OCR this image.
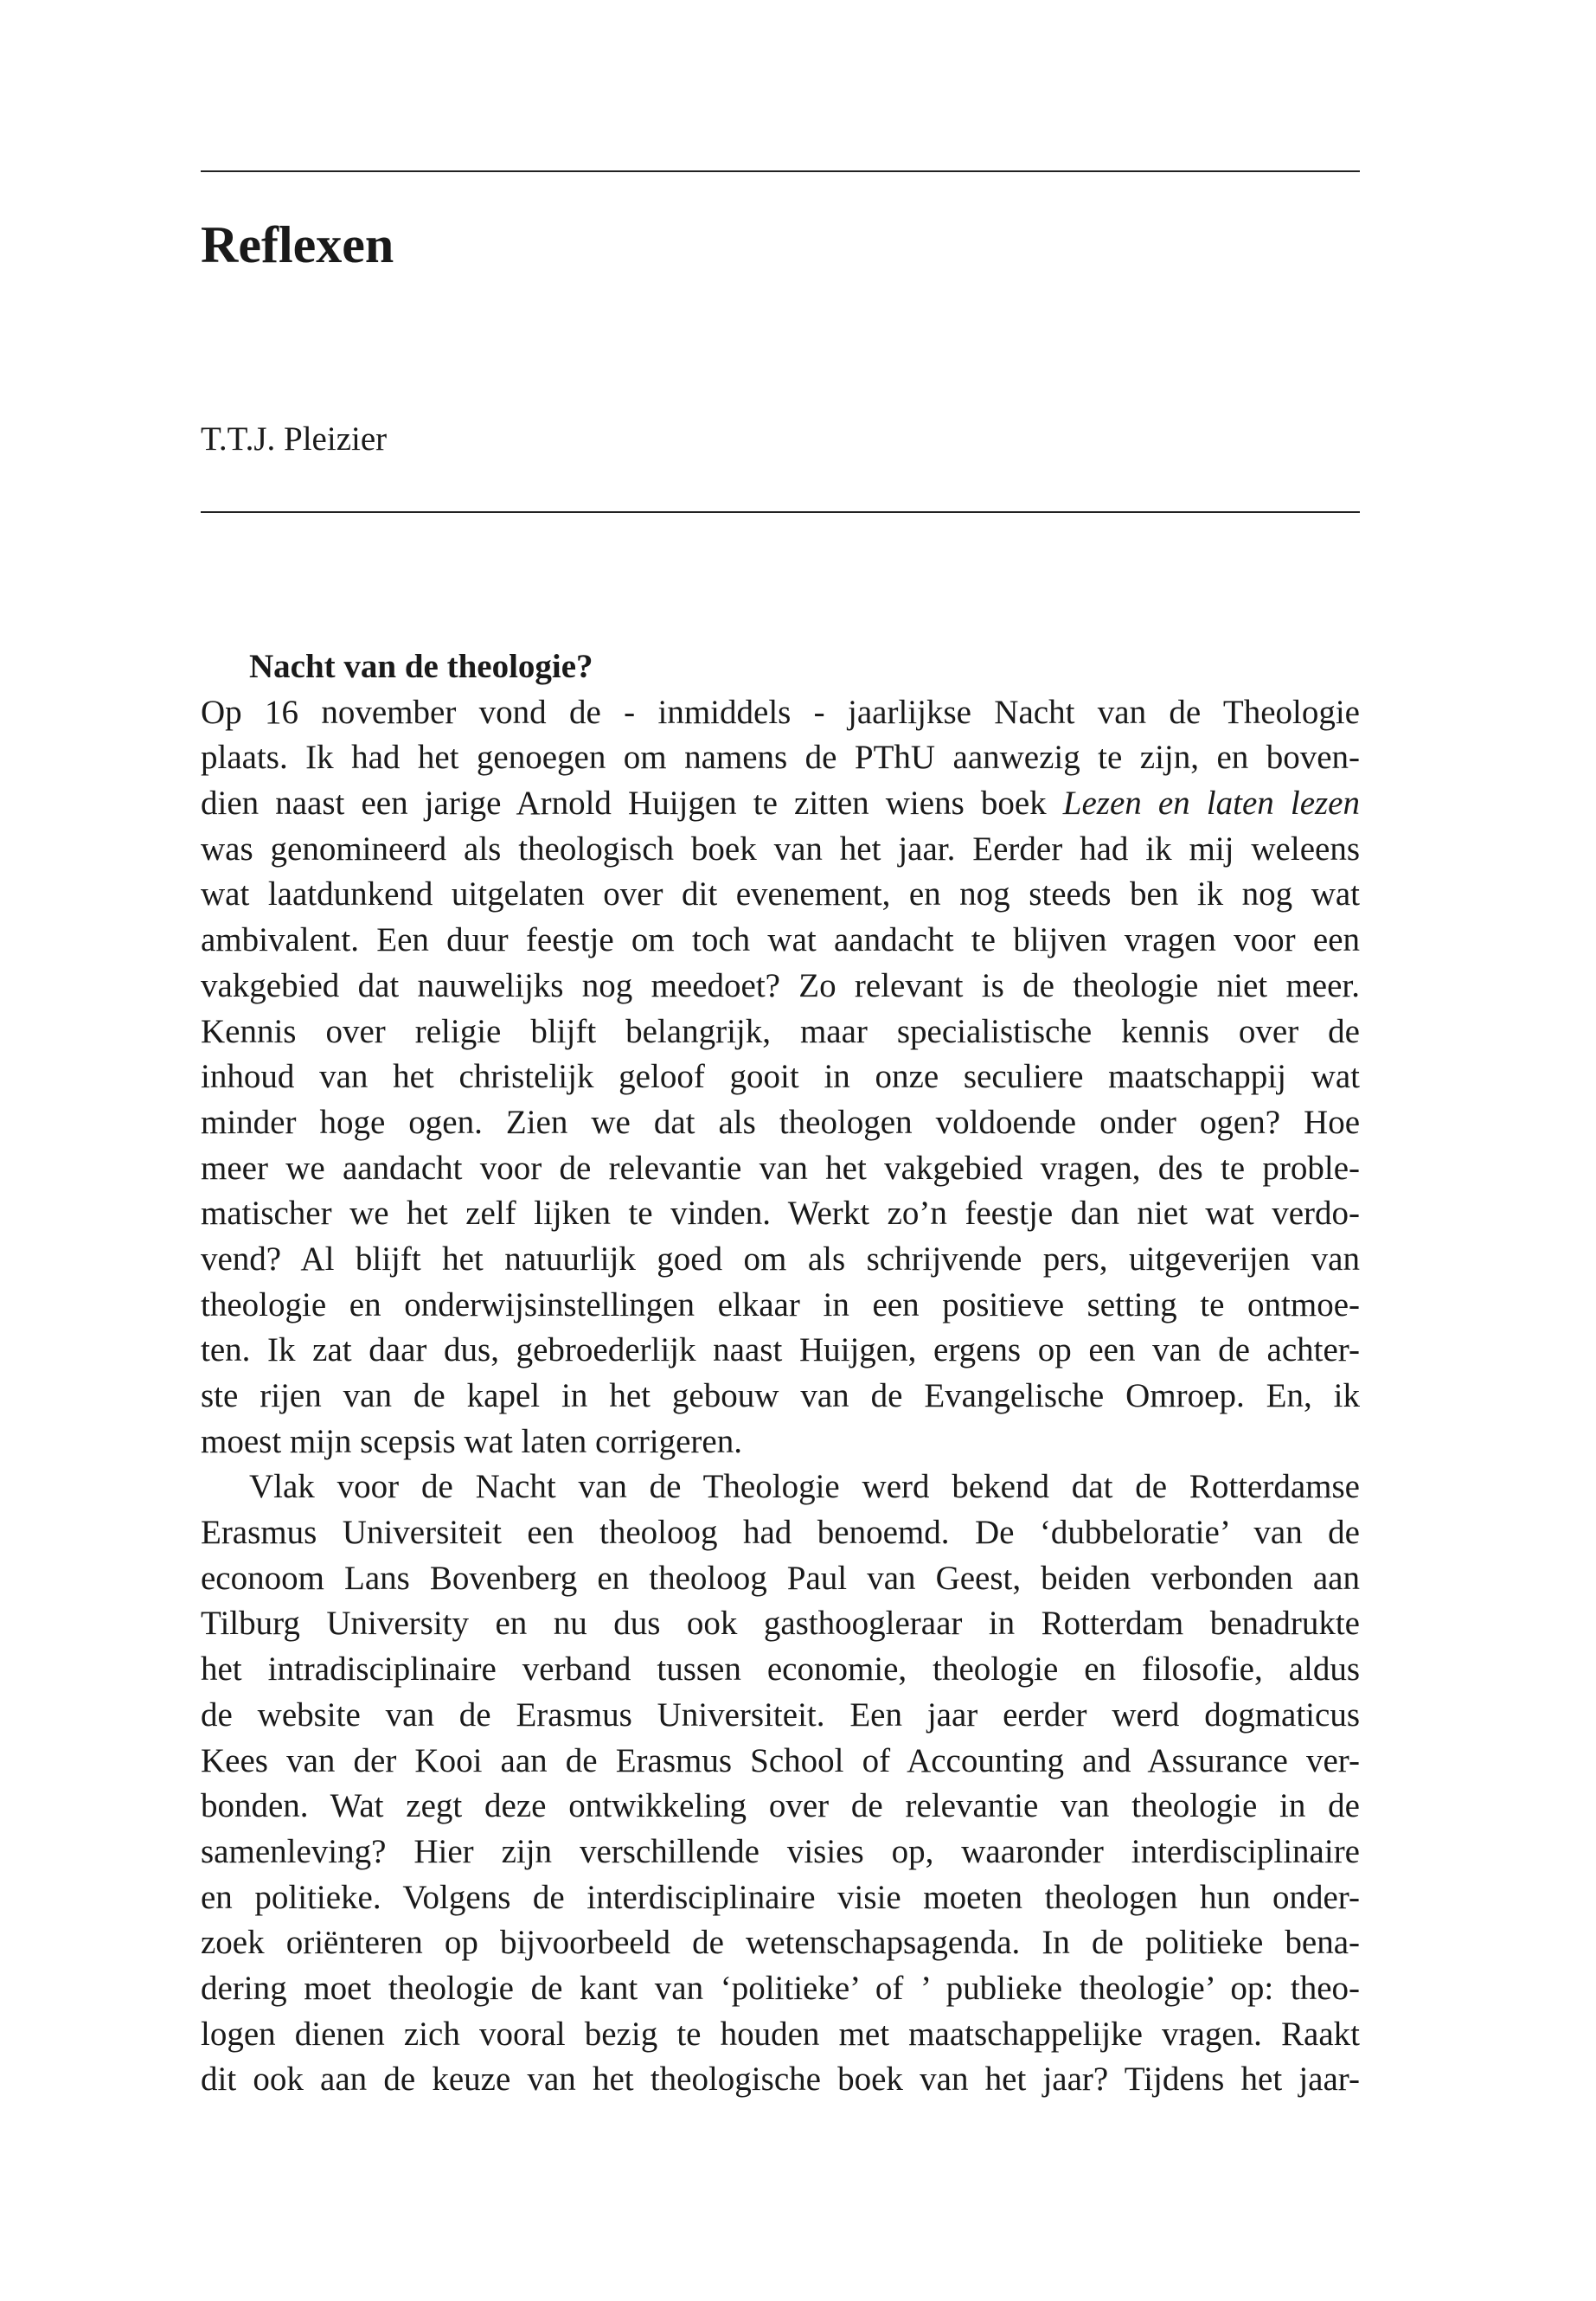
Reflexen

T.T.J. Pleizier

Nacht van de theologie?
Op 16 november vond de - inmiddels - jaarlijkse Nacht van de Theologie
plaats. Ik had het genoegen om namens de PThU aanwezig te zijn, en boven-
dien naast een jarige Arnold Huijgen te zitten wiens boek Lezen en laten lezen
was genomineerd als theologisch boek van het jaar. Eerder had ik mij weleens
wat laatdunkend uitgelaten over dit evenement, en nog steeds ben ik nog wat
ambivalent. Een duur feestje om toch wat aandacht te blijven vragen voor een
vakgebied dat nauwelijks nog meedoet? Zo relevant is de theologie niet meer.
Kennis over religie blijft belangrijk, maar specialistische kennis over de
inhoud van het christelijk geloof gooit in onze seculiere maatschappij wat
minder hoge ogen. Zien we dat als theologen voldoende onder ogen? Hoe
meer we aandacht voor de relevantie van het vakgebied vragen, des te proble-
matischer we het zelf lijken te vinden. Werkt zo’n feestje dan niet wat verdo-
vend? Al blijft het natuurlijk goed om als schrijvende pers, uitgeverijen van
theologie en onderwijsinstellingen elkaar in een positieve setting te ontmoe-
ten. Ik zat daar dus, gebroederlijk naast Huijgen, ergens op een van de achter-
ste rijen van de kapel in het gebouw van de Evangelische Omroep. En, ik
moest mijn scepsis wat laten corrigeren.
Vlak voor de Nacht van de Theologie werd bekend dat de Rotterdamse
Erasmus Universiteit een theoloog had benoemd. De ‘dubbeloratie’ van de
econoom Lans Bovenberg en theoloog Paul van Geest, beiden verbonden aan
Tilburg University en nu dus ook gasthoogleraar in Rotterdam benadrukte
het intradisciplinaire verband tussen economie, theologie en filosofie, aldus
de website van de Erasmus Universiteit. Een jaar eerder werd dogmaticus
Kees van der Kooi aan de Erasmus School of Accounting and Assurance ver-
bonden. Wat zegt deze ontwikkeling over de relevantie van theologie in de
samenleving? Hier zijn verschillende visies op, waaronder interdisciplinaire
en politieke. Volgens de interdisciplinaire visie moeten theologen hun onder-
zoek oriënteren op bijvoorbeeld de wetenschapsagenda. In de politieke bena-
dering moet theologie de kant van ‘politieke’ of ’ publieke theologie’ op: theo-
logen dienen zich vooral bezig te houden met maatschappelijke vragen. Raakt
dit ook aan de keuze van het theologische boek van het jaar? Tijdens het jaar-
